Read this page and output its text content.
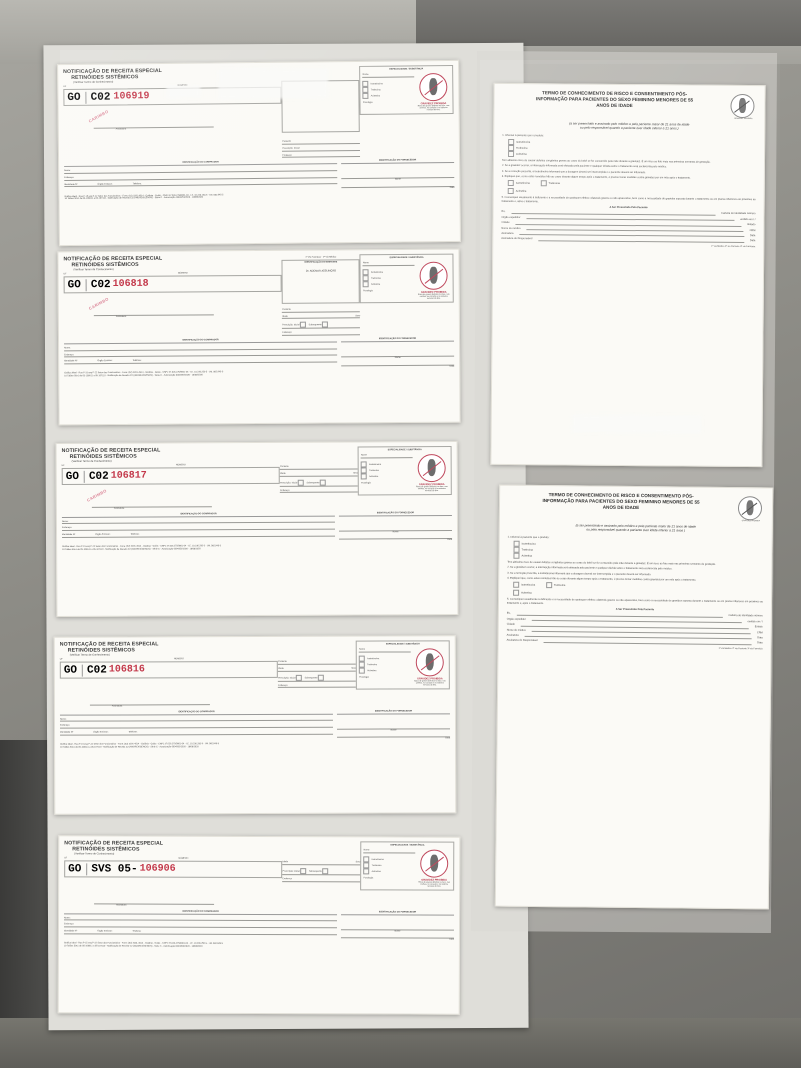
NOTIFICAÇÃO DE RECEITA ESPECIAL
RETINÓIDES SISTÊMICOS
(Verificar Termo de Conhecimento)
UF
GO C02 106919
CARIMBO
Assinatura
Paciente
Prescrição: Inicial
Endereço
ESPECIALIDADE / SUBSTÂNCIA
Nome
Isotretinoína
Tretinoína
Acitretina
Posologia	GRAVIDEZ PROIBIDA
Risco de graves defeitos na face, nas orelhas, no coração e no sistema nervoso do feto.
IDENTIFICAÇÃO DO COMPRADOR
Nome:
Endereço:
Identidade Nº	Órgão Emissor:	Telefone:
IDENTIFICAÇÃO DO FORNECEDOR
Nome
Data
Gráfica Ideal - Rua P-15 esq P-22 Setor dos Funcionários - Fone: (62) 3291-4514 - Goiânia - Goiás - CNPJ 37.026.275/0001-04 - I.E. 10.236.250-5 - I.M. 082.945-5
10 Talões 50x1 de 05-106611 a 05-107110 - Notificação de Receita C2 (ANOREXÍGENOS) - Série C - Autorização 0004353/2020 - 18/08/2020
NOTIFICAÇÃO DE RECEITA ESPECIAL
RETINÓIDES SISTÊMICOS
(Verificar Termo de Conhecimento)
UF	NÚMERO
GO C02 106818
CARIMBO
Assinatura
1ª Via Farmácia - 2ª Via Médico
IDENTIFICAÇÃO DO EMITENTE
Dr. ADEMAR ASSUNÇÃO
Paciente
Idade	Sexo
Prescrição: Inicial	Subsequente
Endereço
ESPECIALIDADE / SUBSTÂNCIA
Nome
Isotretinoína
Tretinoína
Acitretina
Posologia	GRAVIDEZ PROIBIDA
Risco de graves defeitos na face, nas orelhas, no coração e no sistema nervoso do feto.
IDENTIFICAÇÃO DO COMPRADOR
Nome:
Endereço:
Identidade Nº	Órgão Emissor:	Telefone:
IDENTIFICAÇÃO DO FORNECEDOR
Nome
Data
Gráfica Ideal - Rua P-15 esq P-22 Setor dos Funcionários - Fone: (62) 3291-4514 - Goiânia - Goiás - CNPJ 37.026.275/0001-04 - I.E. 10.236.250-5 - I.M. 082.945-5
10 Talões 50x1 de 05-106611 a 05-107110 - Notificação de Receita C2 (ANOREXÍGENOS) - Série C - Autorização 0004353/2020 - 18/08/2020
NOTIFICAÇÃO DE RECEITA ESPECIAL
RETINÓIDES SISTÊMICOS
(Verificar Termo de Conhecimento)
UF	NÚMERO
GO C02 106817
CARIMBO
Assinatura
Paciente
Idade	Sexo
Prescrição: Inicial	Subsequente
Endereço
ESPECIALIDADE / SUBSTÂNCIA
Nome
Isotretinoína
Tretinoína
Acitretina
Posologia	GRAVIDEZ PROIBIDA
Risco de graves defeitos na face, nas orelhas, no coração e no sistema nervoso do feto.
IDENTIFICAÇÃO DO COMPRADOR
Nome:
Endereço:
Identidade Nº	Órgão Emissor:	Telefone:
IDENTIFICAÇÃO DO FORNECEDOR
Nome
Data
Gráfica Ideal - Rua P-15 esq P-22 Setor dos Funcionários - Fone: (62) 3291-4514 - Goiânia - Goiás - CNPJ 37.026.275/0001-04 - I.E. 10.236.250-5 - I.M. 082.945-5
10 Talões 50x1 de 05-106611 a 05-107110 - Notificação de Receita C2 (ANOREXÍGENOS) - Série C - Autorização 0004353/2020 - 18/08/2020
NOTIFICAÇÃO DE RECEITA ESPECIAL
RETINÓIDES SISTÊMICOS
(Verificar Termo de Conhecimento)
UF	NÚMERO
GO C02 106816
Assinatura
Paciente
Idade	Sexo
Prescrição: Inicial	Subsequente
Endereço
ESPECIALIDADE / SUBSTÂNCIA
Nome
Isotretinoína
Tretinoína
Acitretina
Posologia	GRAVIDEZ PROIBIDA
Risco de graves defeitos na face, nas orelhas, no coração e no sistema nervoso do feto.
IDENTIFICAÇÃO DO COMPRADOR
Nome:
Endereço:
Identidade Nº	Órgão Emissor:	Telefone:
IDENTIFICAÇÃO DO FORNECEDOR
Nome
Data
Gráfica Ideal - Rua P-15 esq P-22 Setor dos Funcionários - Fone: (62) 3291-4514 - Goiânia - Goiás - CNPJ 37.026.275/0001-04 - I.E. 10.236.250-5 - I.M. 082.945-5
10 Talões 50x1 de 05-106611 a 05-107110 - Notificação de Receita C2 (ANOREXÍGENOS) - Série C - Autorização 0004353/2020 - 18/08/2020
NOTIFICAÇÃO DE RECEITA ESPECIAL
RETINÓIDES SISTÊMICOS
(Verificar Termo de Conhecimento)
UF	NÚMERO
GO SVS 05- 106906
Assinatura
Idade	Sexo
Prescrição: Inicial	Subsequente
Endereço
ESPECIALIDADE / SUBSTÂNCIA
Nome
Isotretinoína
Tretinoína
Acitretina
Posologia
GRAVIDEZ PROIBIDA
Risco de graves defeitos na face, nas orelhas, no coração e no sistema nervoso do feto.
IDENTIFICAÇÃO DO COMPRADOR
Nome:
Endereço:
Identidade Nº	Órgão Emissor:	Telefone:
IDENTIFICAÇÃO DO FORNECEDOR
Nome
Data
Gráfica Ideal - Rua P-15 esq P-22 Setor dos Funcionários - Fone: (62) 3291-4514 - Goiânia - Goiás - CNPJ 37.026.275/0001-04 - I.E. 10.236.250-5 - I.M. 082.945-5
10 Talões 50x1 de 05-106611 a 05-107110 - Notificação de Receita C2 (ANOREXÍGENOS) - Série C - Autorização 0004353/2020 - 18/08/2020
TERMO DE CONHECIMENTO DE RISCO E CONSENTIMENTO PÓS-
INFORMAÇÃO PARA PACIENTES DO SEXO FEMININO MENORES DE 55
ANOS DE IDADE
GRAVIDEZ PROIBIDA
(a ser preenchido e assinado pelo médico e pela paciente maior de 21 anos de idade
ou pelo responsável quando a paciente tiver idade inferior a 21 anos )
1. Informei à paciente que o produto:
Isotretinoína
Tretinoína
Acitretina
Tem altíssimo risco de causar defeitos congênitos graves ao corpo do bebê se for consumido pela mãe durante a gravidez. É um risco ao feto mais nas primeiras semanas de gestação.
2. Se a gravidez ocorrer, a interrupção informada será efetuada pela paciente e qualquer dúvida sobre o tratamento será esclarecida pelo médico.
3. Se a remoção prescrita, a isotretinoína informará que a dosagem deverá ser interrompida e o paciente deverá ser informado.
4. Expliquei que, como estes remédios hão ao corpo durante algum tempo após o tratamento, é preciso tomar medidas contra gravidez por um mês após o tratamento.
Isotretinoína	Tretinoína
Acitretina
5. Comuniquei usualmente à deficiente e a necessidade de quaisquer efeitos colaterais graves ou não aparecidos, bem como a necessidade de gravidez suposta durante o tratamento ou em prazos inferiores em próximos ao tratamento e, após o tratamento.
A Ser Preenchido Pela Paciente
Eu,
Carteira de identidade número
Orgão expedidor
emitido em / /
Cidade
Estado
Nome do médico
CRM
Assinatura
Data
Assinatura do Responsável
Data
1ª via Médico 2ª via Paciente 3ª via Farmácia
TERMO DE CONHECIMENTO DE RISCO E CONSENTIMENTO PÓS-
INFORMAÇÃO PARA PACIENTES DO SEXO FEMININO MENORES DE 55
ANOS DE IDADE
GRAVIDEZ PROIBIDA
(a ser preenchido e assinado pelo médico e pela paciente maior de 21 anos de idade
ou pelo responsável quando a paciente tiver idade inferior a 21 anos )
1. Informei à paciente que o produto:
Isotretinoína
Tretinoína
Acitretina
Tem altíssimo risco de causar defeitos congênitos graves ao corpo do bebê se for consumido pela mãe durante a gravidez. É um risco ao feto mais nas primeiras semanas de gestação.
2. Se a gravidez ocorrer, a interrupção informada será efetuada pela paciente e qualquer dúvida sobre o tratamento será esclarecida pelo médico.
3. Se a remoção prescrita, a isotretinoína informará que a dosagem deverá ser interrompida e o paciente deverá ser informado.
4. Expliquei que, como estes remédios hão ao corpo durante algum tempo após o tratamento, é preciso tomar medidas contra gravidez por um mês após o tratamento.
Isotretinoína	Tretinoína
Acitretina
5. Comuniquei usualmente à deficiente e a necessidade de quaisquer efeitos colaterais graves ou não aparecidos, bem como a necessidade de gravidez suposta durante o tratamento ou em prazos inferiores em próximos ao tratamento e, após o tratamento.
A Ser Preenchido Pela Paciente
Eu,
Carteira de identidade número
Orgão expedidor
emitido em / /
Cidade
Estado
Nome do médico
CRM
Assinatura
Data
Assinatura do Responsável
Data
1ª via Médico 2ª via Paciente 3ª via Farmácia
